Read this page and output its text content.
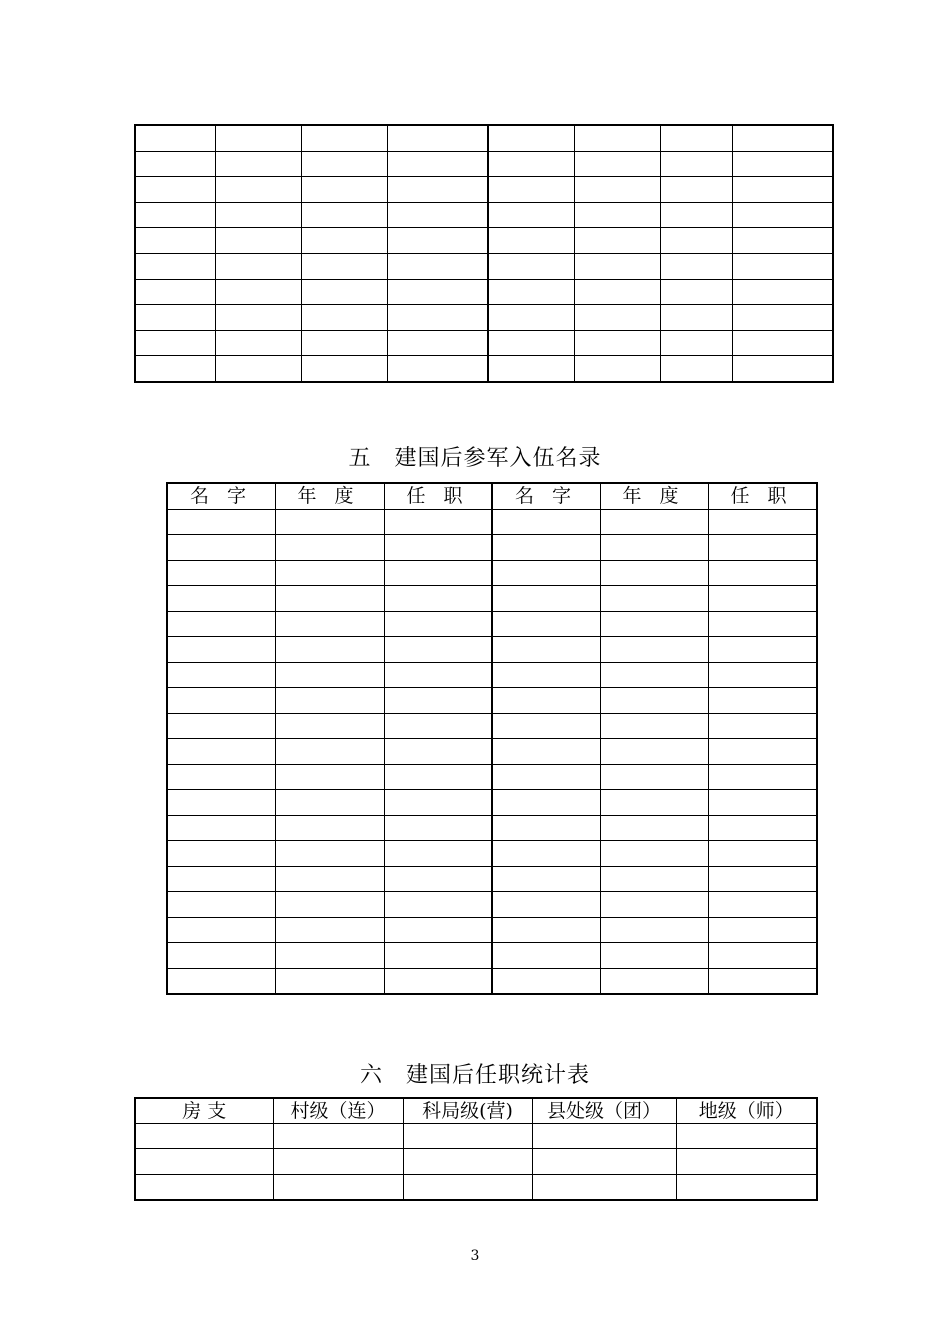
五　建国后参军入伍名录
名 字	年 度	任 职	名 字	年 度	任 职

六　建国后任职统计表
房 支	村级（连）	科局级(营)	县处级（团）	地级（师）

3
